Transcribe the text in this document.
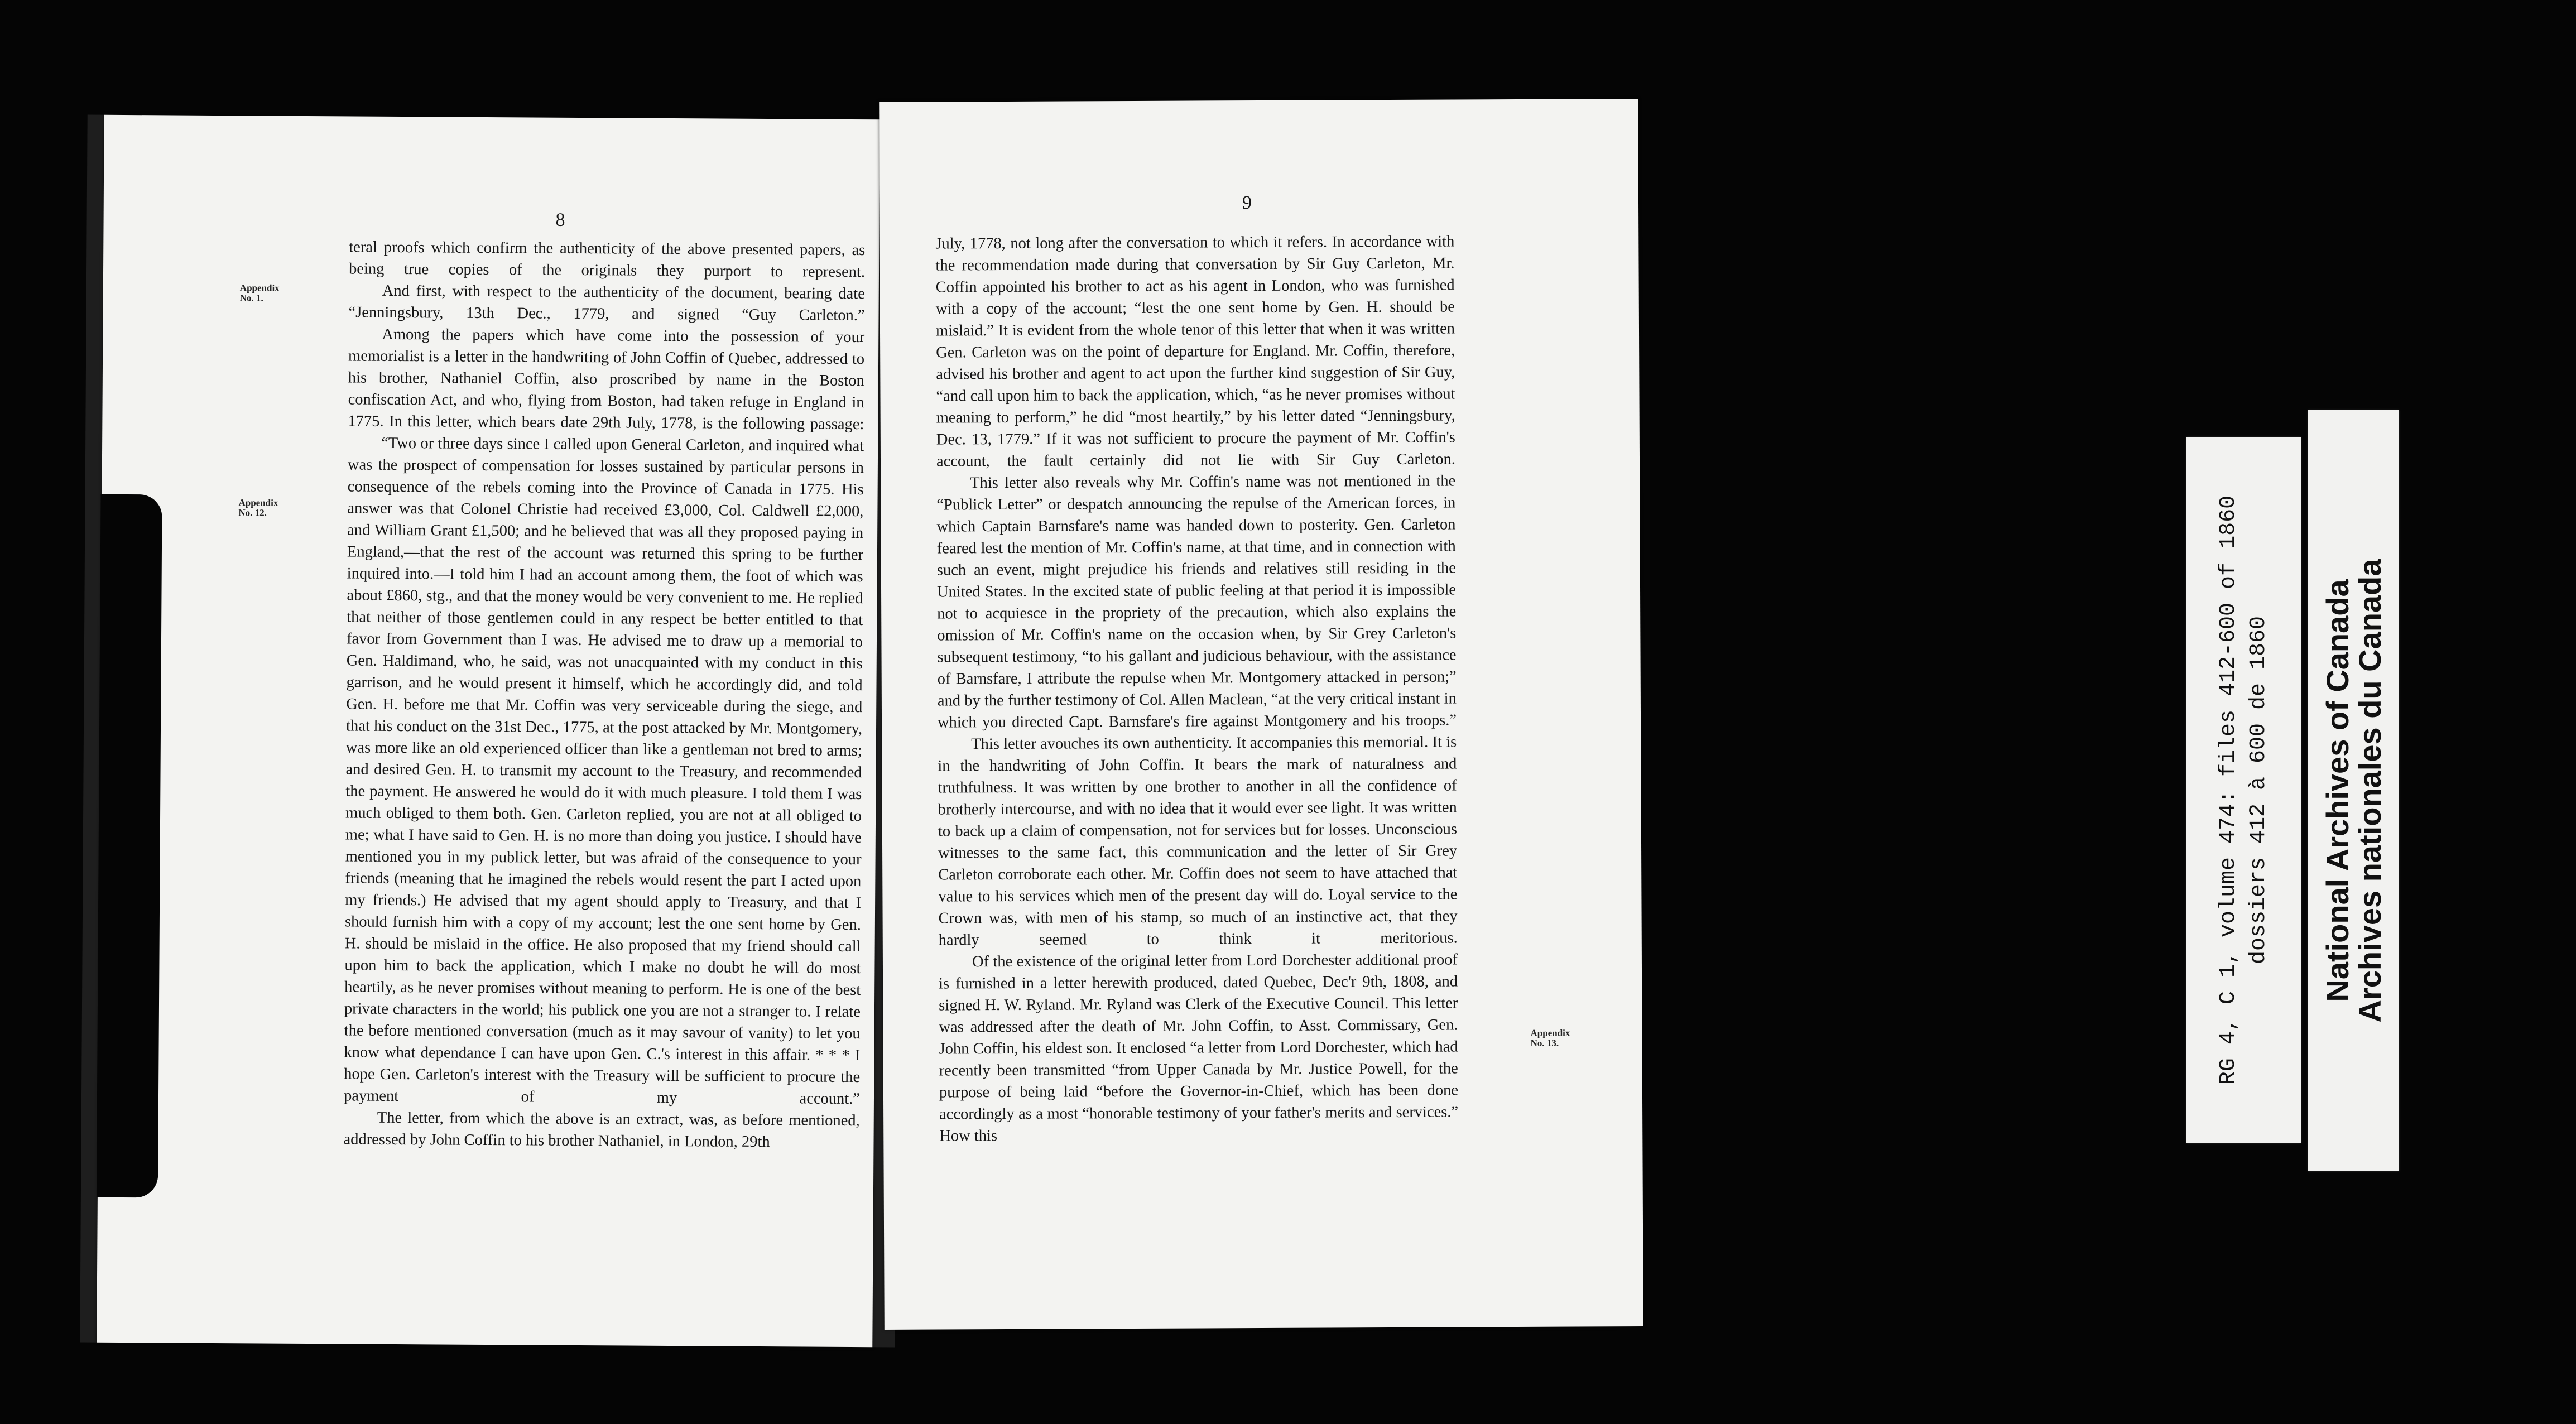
8
Appendix
No. 1.
Appendix
No. 12.

teral proofs which confirm the authenticity of the above presented papers, as being true copies of the originals they purport to represent.

And first, with respect to the authenticity of the document, bearing date “Jenningsbury, 13th Dec., 1779, and signed “Guy Carleton.”

Among the papers which have come into the possession of your memorialist is a letter in the handwriting of John Coffin of Quebec, addressed to his brother, Nathaniel Coffin, also proscribed by name in the Boston confiscation Act, and who, flying from Boston, had taken refuge in England in 1775. In this letter, which bears date 29th July, 1778, is the following passage:

“Two or three days since I called upon General Carleton, and inquired what was the prospect of compensation for losses sustained by particular persons in consequence of the rebels coming into the Province of Canada in 1775. His answer was that Colonel Christie had received £3,000, Col. Caldwell £2,000, and William Grant £1,500; and he believed that was all they proposed paying in England,—that the rest of the account was returned this spring to be further inquired into.—I told him I had an account among them, the foot of which was about £860, stg., and that the money would be very convenient to me. He replied that neither of those gentlemen could in any respect be better entitled to that favor from Government than I was. He advised me to draw up a memorial to Gen. Haldimand, who, he said, was not unacquainted with my conduct in this garrison, and he would present it himself, which he accordingly did, and told Gen. H. before me that Mr. Coffin was very serviceable during the siege, and that his conduct on the 31st Dec., 1775, at the post attacked by Mr. Montgomery, was more like an old experienced officer than like a gentleman not bred to arms; and desired Gen. H. to transmit my account to the Treasury, and recommended the payment. He answered he would do it with much pleasure. I told them I was much obliged to them both. Gen. Carleton replied, you are not at all obliged to me; what I have said to Gen. H. is no more than doing you justice. I should have mentioned you in my publick letter, but was afraid of the consequence to your friends (meaning that he imagined the rebels would resent the part I acted upon my friends.) He advised that my agent should apply to Treasury, and that I should furnish him with a copy of my account; lest the one sent home by Gen. H. should be mislaid in the office. He also proposed that my friend should call upon him to back the application, which I make no doubt he will do most heartily, as he never promises without meaning to perform. He is one of the best private characters in the world; his publick one you are not a stranger to. I relate the before mentioned conversation (much as it may savour of vanity) to let you know what dependance I can have upon Gen. C.'s interest in this affair. * * * I hope Gen. Carleton's interest with the Treasury will be sufficient to procure the payment of my account.”

The letter, from which the above is an extract, was, as before mentioned, addressed by John Coffin to his brother Nathaniel, in London, 29th

9
Appendix
No. 13.

July, 1778, not long after the conversation to which it refers. In accordance with the recommendation made during that conversation by Sir Guy Carleton, Mr. Coffin appointed his brother to act as his agent in London, who was furnished with a copy of the account; “lest the one sent home by Gen. H. should be mislaid.” It is evident from the whole tenor of this letter that when it was written Gen. Carleton was on the point of departure for England. Mr. Coffin, therefore, advised his brother and agent to act upon the further kind suggestion of Sir Guy, “and call upon him to back the application, which, “as he never promises without meaning to perform,” he did “most heartily,” by his letter dated “Jenningsbury, Dec. 13, 1779.” If it was not sufficient to procure the payment of Mr. Coffin's account, the fault certainly did not lie with Sir Guy Carleton.

This letter also reveals why Mr. Coffin's name was not mentioned in the “Publick Letter” or despatch announcing the repulse of the American forces, in which Captain Barnsfare's name was handed down to posterity. Gen. Carleton feared lest the mention of Mr. Coffin's name, at that time, and in connection with such an event, might prejudice his friends and relatives still residing in the United States. In the excited state of public feeling at that period it is impossible not to acquiesce in the propriety of the precaution, which also explains the omission of Mr. Coffin's name on the occasion when, by Sir Grey Carleton's subsequent testimony, “to his gallant and judicious behaviour, with the assistance of Barnsfare, I attribute the repulse when Mr. Montgomery attacked in person;” and by the further testimony of Col. Allen Maclean, “at the very critical instant in which you directed Capt. Barnsfare's fire against Montgomery and his troops.”

This letter avouches its own authenticity. It accompanies this memorial. It is in the handwriting of John Coffin. It bears the mark of naturalness and truthfulness. It was written by one brother to another in all the confidence of brotherly intercourse, and with no idea that it would ever see light. It was written to back up a claim of compensation, not for services but for losses. Unconscious witnesses to the same fact, this communication and the letter of Sir Grey Carleton corroborate each other. Mr. Coffin does not seem to have attached that value to his services which men of the present day will do. Loyal service to the Crown was, with men of his stamp, so much of an instinctive act, that they hardly seemed to think it meritorious.

Of the existence of the original letter from Lord Dorchester additional proof is furnished in a letter herewith produced, dated Quebec, Dec'r 9th, 1808, and signed H. W. Ryland. Mr. Ryland was Clerk of the Executive Council. This letter was addressed after the death of Mr. John Coffin, to Asst. Commissary, Gen. John Coffin, his eldest son. It enclosed “a letter from Lord Dorchester, which had recently been transmitted “from Upper Canada by Mr. Justice Powell, for the purpose of being laid “before the Governor-in-Chief, which has been done accordingly as a most “honorable testimony of your father's merits and services.” How this

RG 4, C 1, volume 474: files 412-600 of 1860
dossiers 412 à 600 de 1860
National Archives of Canada
Archives nationales du Canada
